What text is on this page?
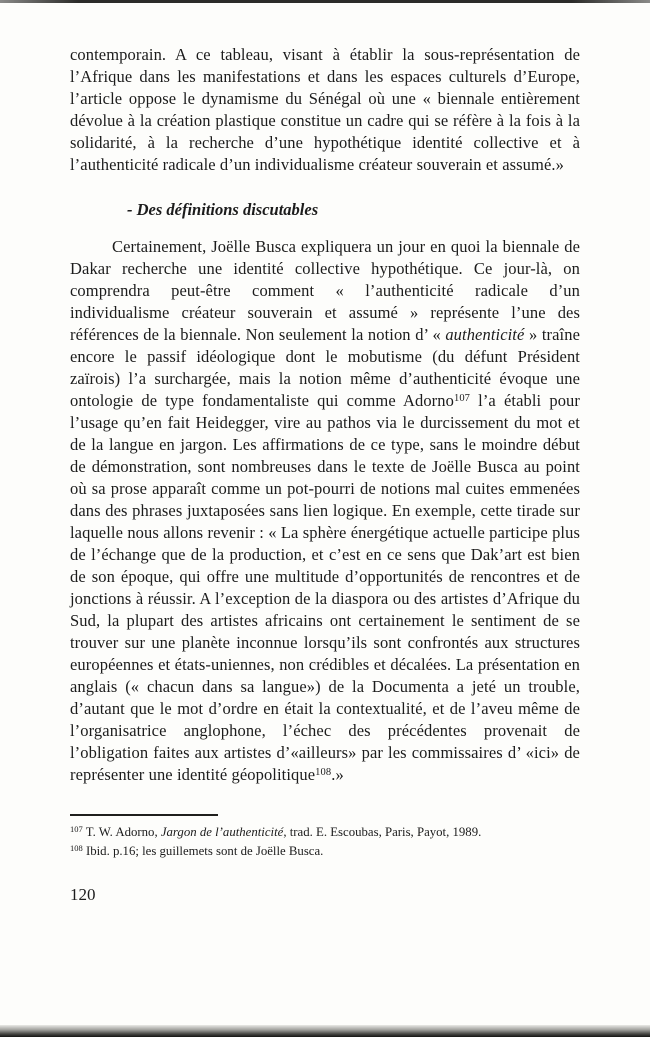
contemporain. A ce tableau, visant à établir la sous-représentation de l’Afrique dans les manifestations et dans les espaces culturels d’Europe, l’article oppose le dynamisme du Sénégal où une « biennale entièrement dévolue à la création plastique constitue un cadre qui se réfère à la fois à la solidarité, à la recherche d’une hypothétique identité collective et à l’authenticité radicale d’un individualisme créateur souverain et assumé.»

- Des définitions discutables

Certainement, Joëlle Busca expliquera un jour en quoi la biennale de Dakar recherche une identité collective hypothétique. Ce jour-là, on comprendra peut-être comment « l’authenticité radicale d’un individualisme créateur souverain et assumé » représente l’une des références de la biennale. Non seulement la notion d’ « authenticité » traîne encore le passif idéologique dont le mobutisme (du défunt Président zaïrois) l’a surchargée, mais la notion même d’authenticité évoque une ontologie de type fondamentaliste qui comme Adorno$^{107}$ l’a établi pour l’usage qu’en fait Heidegger, vire au pathos via le durcissement du mot et de la langue en jargon. Les affirmations de ce type, sans le moindre début de démonstration, sont nombreuses dans le texte de Joëlle Busca au point où sa prose apparaît comme un pot-pourri de notions mal cuites emmenées dans des phrases juxtaposées sans lien logique. En exemple, cette tirade sur laquelle nous allons revenir : « La sphère énergétique actuelle participe plus de l’échange que de la production, et c’est en ce sens que Dak’art est bien de son époque, qui offre une multitude d’opportunités de rencontres et de jonctions à réussir. A l’exception de la diaspora ou des artistes d’Afrique du Sud, la plupart des artistes africains ont certainement le sentiment de se trouver sur une planète inconnue lorsqu’ils sont confrontés aux structures européennes et états-uniennes, non crédibles et décalées. La présentation en anglais (« chacun dans sa langue») de la Documenta a jeté un trouble, d’autant que le mot d’ordre en était la contextualité, et de l’aveu même de l’organisatrice anglophone, l’échec des précédentes provenait de l’obligation faites aux artistes d’«ailleurs» par les commissaires d’ «ici» de représenter une identité géopolitique$^{108}$.»

$^{107}$ T. W. Adorno, Jargon de l’authenticité, trad. E. Escoubas, Paris, Payot, 1989.

$^{108}$ Ibid. p.16; les guillemets sont de Joëlle Busca.

120
